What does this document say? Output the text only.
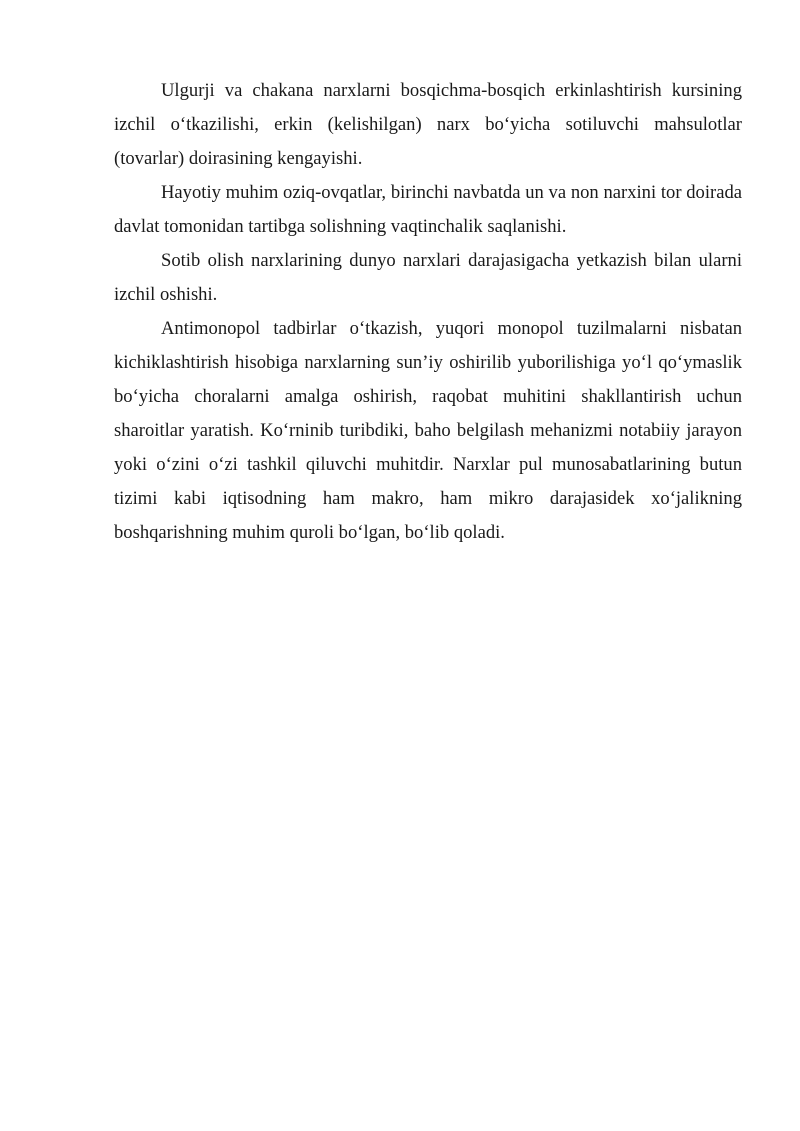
Ulgurji va chakana narxlarni bosqichma-bosqich erkinlashtirish kursining izchil o‘tkazilishi, erkin (kelishilgan) narx bo‘yicha sotiluvchi mahsulotlar (tovarlar) doirasining kengayishi.

Hayotiy muhim oziq-ovqatlar, birinchi navbatda un va non narxini tor doirada davlat tomonidan tartibga solishning vaqtinchalik saqlanishi.

Sotib olish narxlarining dunyo narxlari darajasigacha yetkazish bilan ularni izchil oshishi.

Antimonopol tadbirlar o‘tkazish, yuqori monopol tuzilmalarni nisbatan kichiklashtirish hisobiga narxlarning sun’iy oshirilib yuborilishiga yo‘l qo‘ymaslik bo‘yicha choralarni amalga oshirish, raqobat muhitini shakllantirish uchun sharoitlar yaratish. Ko‘rninib turibdiki, baho belgilash mehanizmi notabiiy jarayon yoki o‘zini o‘zi tashkil qiluvchi muhitdir. Narxlar pul munosabatlarining butun tizimi kabi iqtisodning ham makro, ham mikro darajasidek xo‘jalikning boshqarishning muhim quroli bo‘lgan, bo‘lib qoladi.
